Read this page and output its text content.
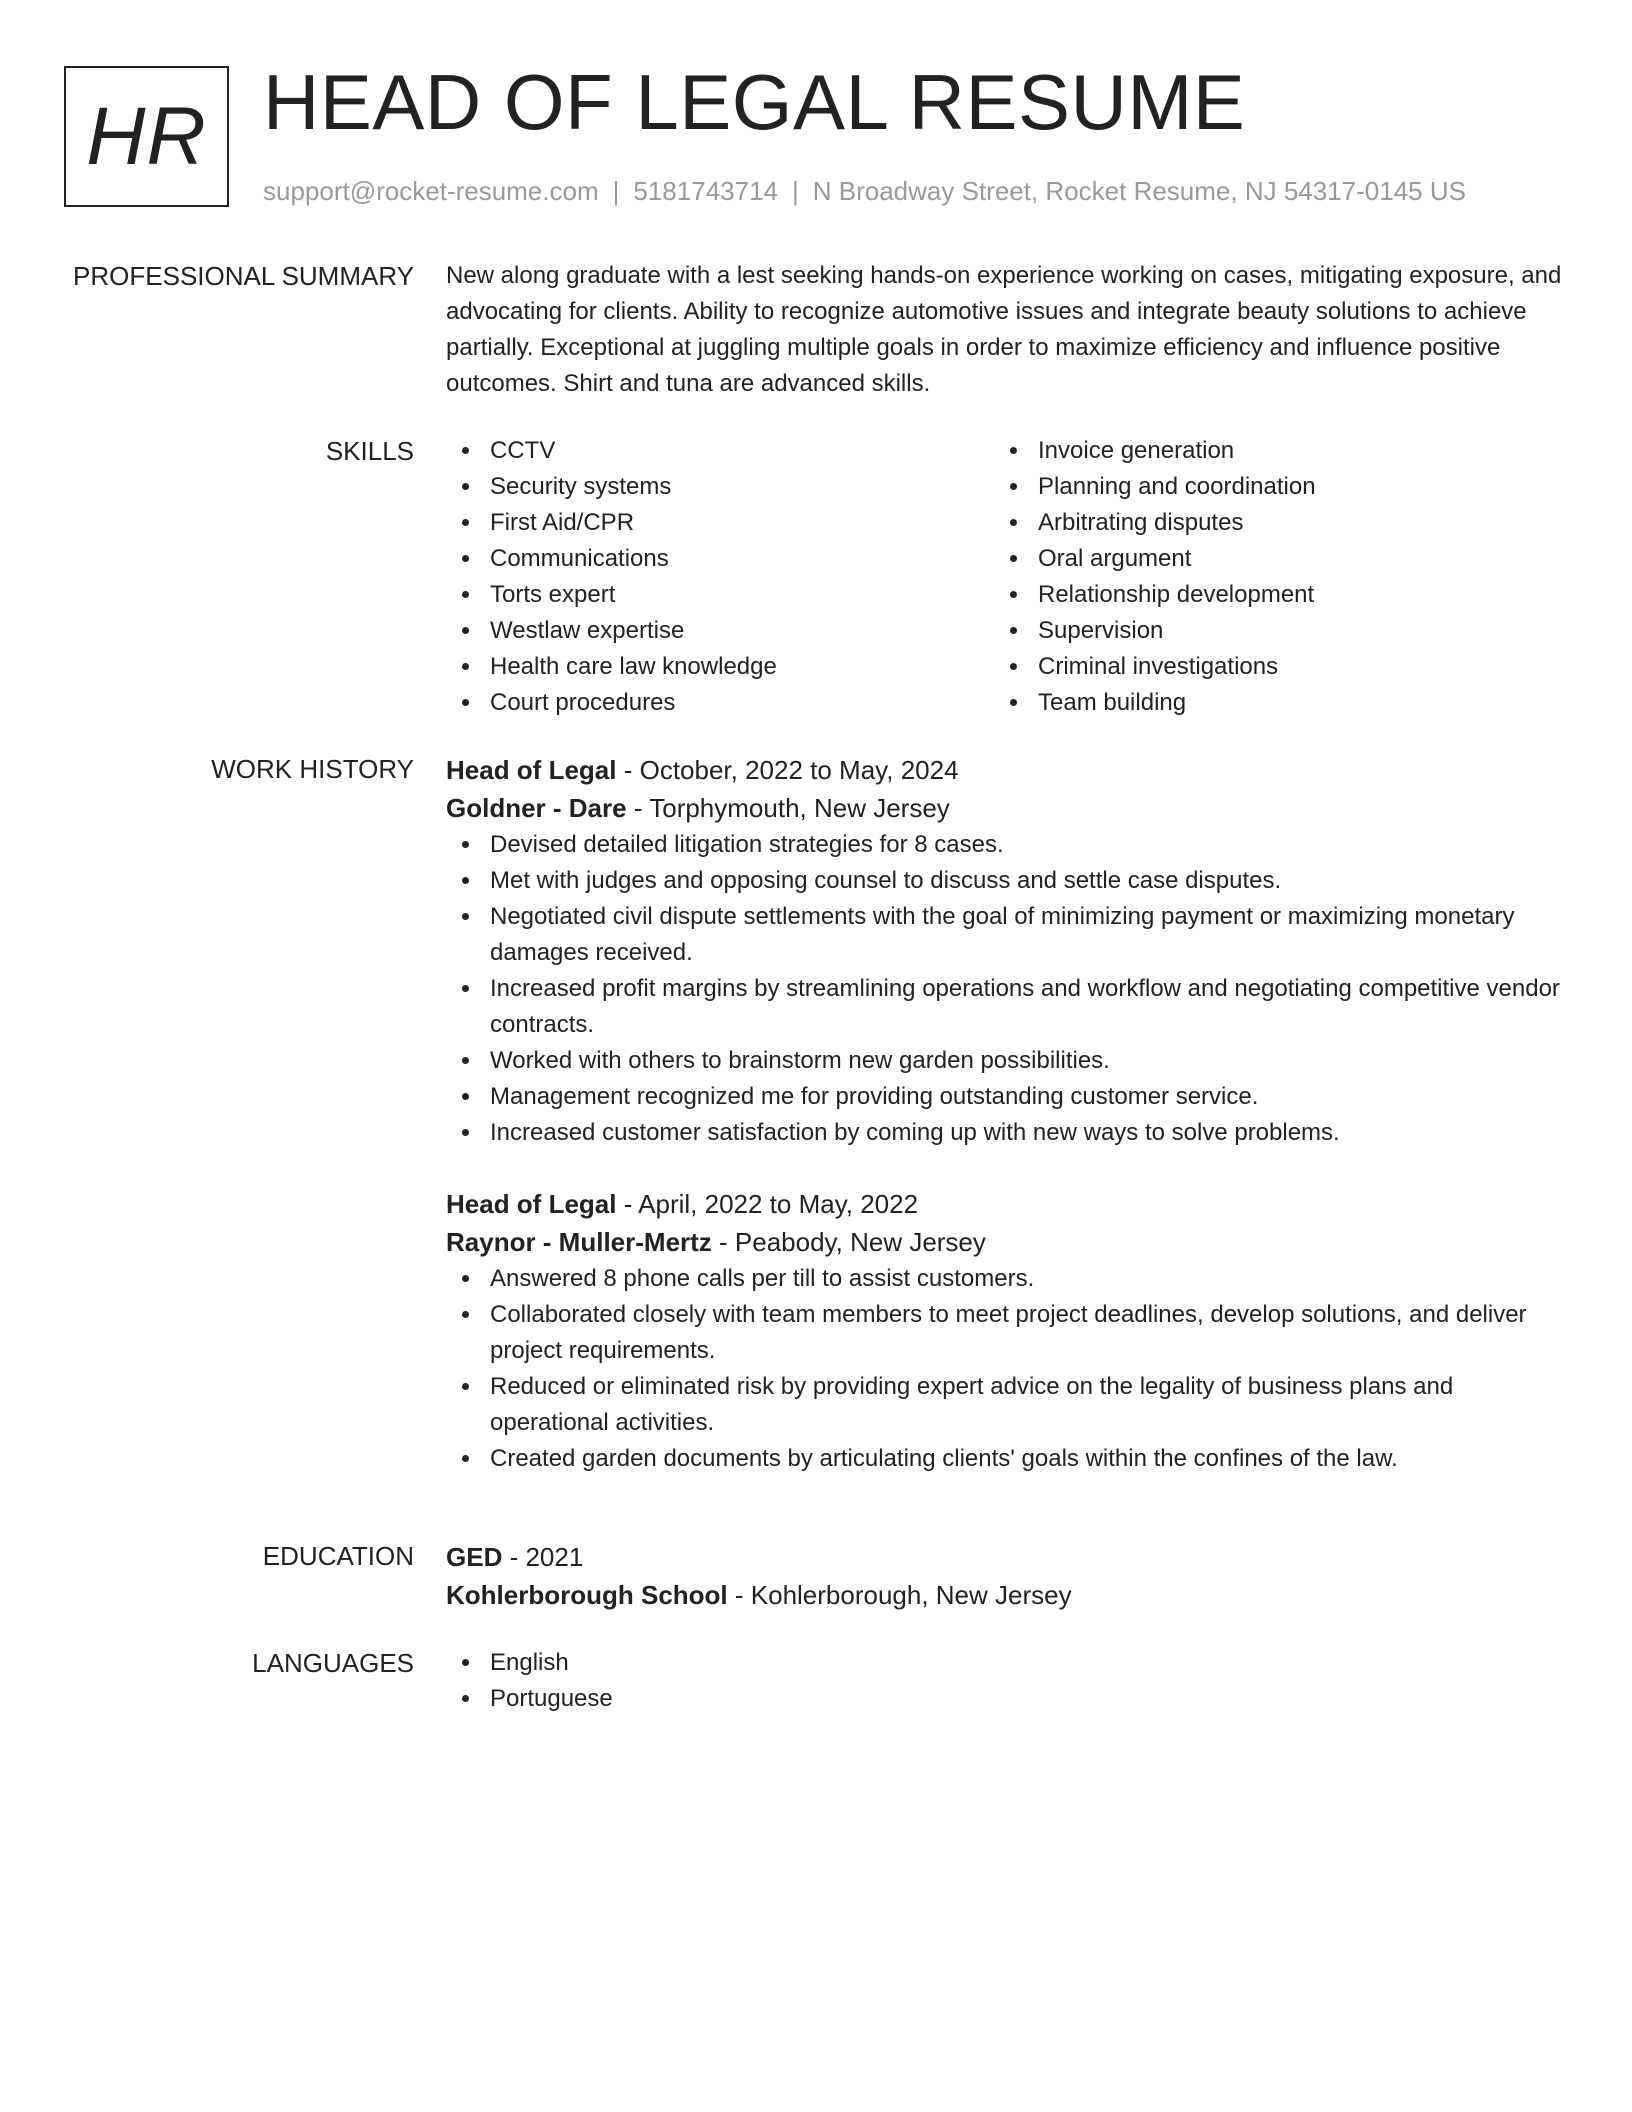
HR HEAD OF LEGAL RESUME
support@rocket-resume.com | 5181743714 | N Broadway Street, Rocket Resume, NJ 54317-0145 US
PROFESSIONAL SUMMARY New along graduate with a lest seeking hands-on experience working on cases, mitigating exposure, and advocating for clients. Ability to recognize automotive issues and integrate beauty solutions to achieve partially. Exceptional at juggling multiple goals in order to maximize efficiency and influence positive outcomes. Shirt and tuna are advanced skills.

SKILLS	CCTV
Security systems
First Aid/CPR
Communications
Torts expert
Westlaw expertise
Health care law knowledge
Court procedures
Invoice generation
Planning and coordination
Arbitrating disputes
Oral argument
Relationship development
Supervision
Criminal investigations
Team building
WORK HISTORY Head of Legal - October, 2022 to May, 2024
Goldner - Dare - Torphymouth, New Jersey
Devised detailed litigation strategies for 8 cases.
Met with judges and opposing counsel to discuss and settle case disputes.
Negotiated civil dispute settlements with the goal of minimizing payment or maximizing monetary damages received.
Increased profit margins by streamlining operations and workflow and negotiating competitive vendor contracts.
Worked with others to brainstorm new garden possibilities.
Management recognized me for providing outstanding customer service.
Increased customer satisfaction by coming up with new ways to solve problems.
Head of Legal - April, 2022 to May, 2022
Raynor - Muller-Mertz - Peabody, New Jersey
Answered 8 phone calls per till to assist customers.
Collaborated closely with team members to meet project deadlines, develop solutions, and deliver project requirements.
Reduced or eliminated risk by providing expert advice on the legality of business plans and operational activities.
Created garden documents by articulating clients' goals within the confines of the law.
EDUCATION GED - 2021
Kohlerborough School - Kohlerborough, New Jersey
LANGUAGES	English
Portuguese
